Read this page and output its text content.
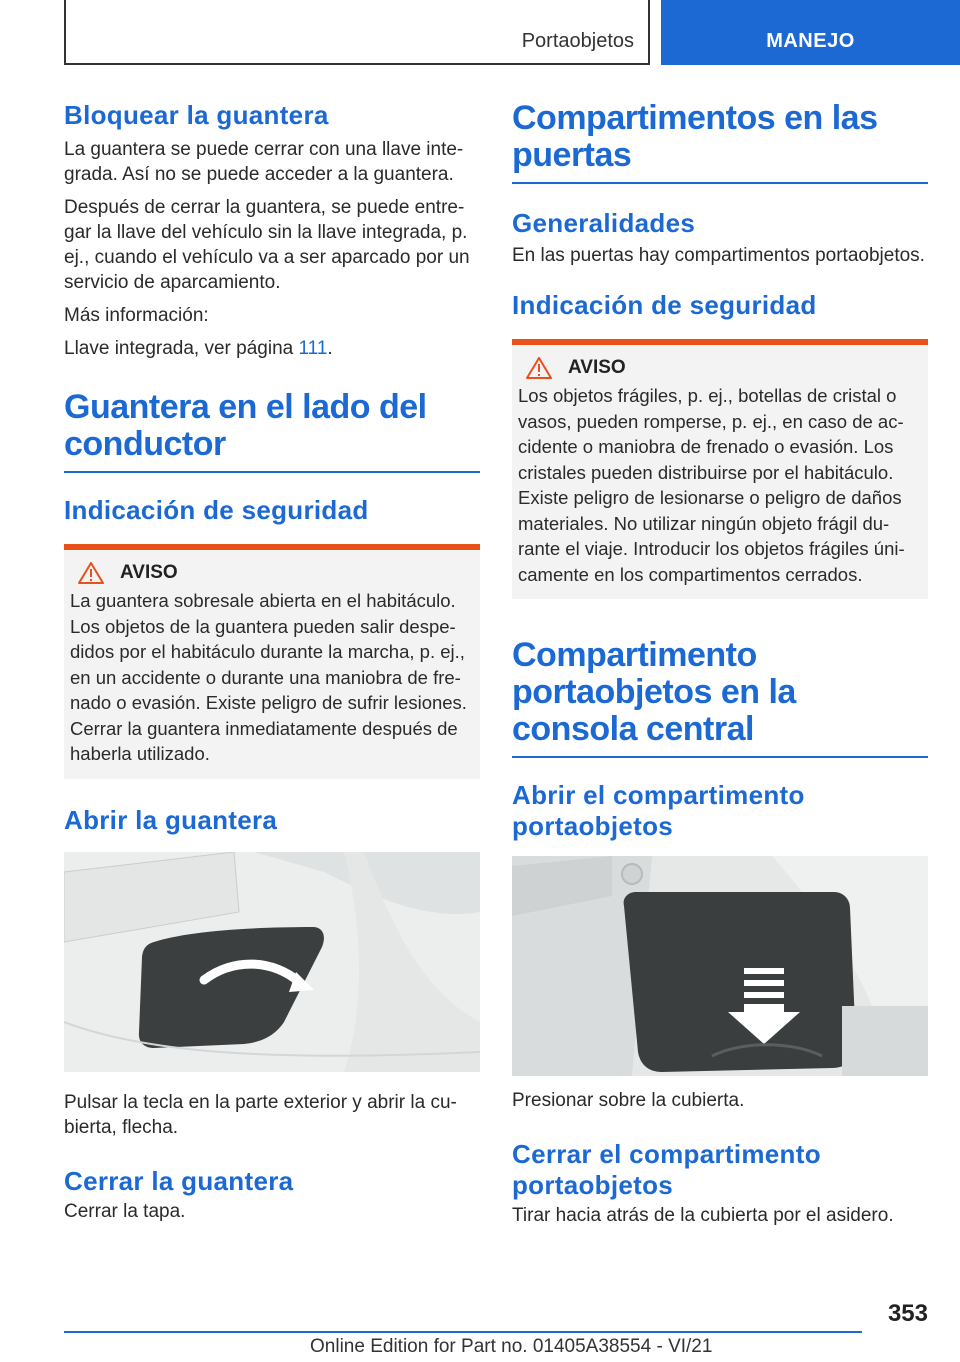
Portaobjetos	MANEJO
Bloquear la guantera

La guantera se puede cerrar con una llave inte-grada. Así no se puede acceder a la guantera.

Después de cerrar la guantera, se puede entre-gar la llave del vehículo sin la llave integrada, p. ej., cuando el vehículo va a ser aparcado por un servicio de aparcamiento.

Más información:

Llave integrada, ver página 111.

Guantera en el lado del conductor
Indicación de seguridad
AVISO

La guantera sobresale abierta en el habitáculo. Los objetos de la guantera pueden salir despe-didos por el habitáculo durante la marcha, p. ej., en un accidente o durante una maniobra de fre-nado o evasión. Existe peligro de sufrir lesiones. Cerrar la guantera inmediatamente después de haberla utilizado.

Abrir la guantera

Pulsar la tecla en la parte exterior y abrir la cu-bierta, flecha.

Cerrar la guantera

Cerrar la tapa.

Compartimentos en las puertas
Generalidades

En las puertas hay compartimentos portaobjetos.

Indicación de seguridad
AVISO

Los objetos frágiles, p. ej., botellas de cristal o vasos, pueden romperse, p. ej., en caso de ac-cidente o maniobra de frenado o evasión. Los cristales pueden distribuirse por el habitáculo. Existe peligro de lesionarse o peligro de daños materiales. No utilizar ningún objeto frágil du-rante el viaje. Introducir los objetos frágiles úni-camente en los compartimentos cerrados.

Compartimento portaobjetos en la consola central
Abrir el compartimento portaobjetos

Presionar sobre la cubierta.

Cerrar el compartimento portaobjetos

Tirar hacia atrás de la cubierta por el asidero.

353
Online Edition for Part no. 01405A38554 - VI/21
